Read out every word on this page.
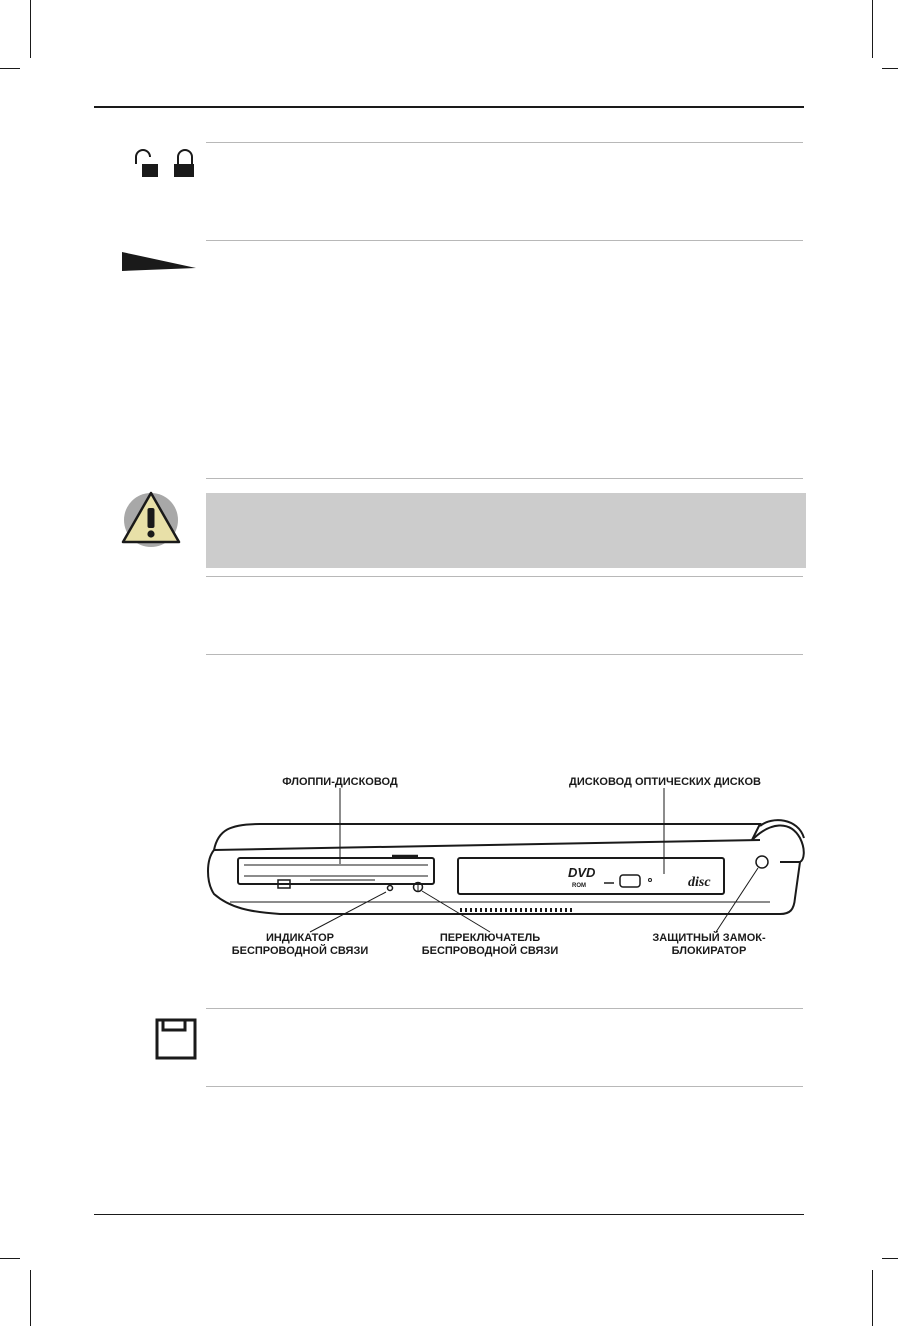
DVD
ROM	disc
ФЛОППИ-ДИСКОВОД	ДИСКОВОД ОПТИЧЕСКИХ ДИСКОВ
ИНДИКАТОР
БЕСПРОВОДНОЙ СВЯЗИ
ПЕРЕКЛЮЧАТЕЛЬ
БЕСПРОВОДНОЙ СВЯЗИ
ЗАЩИТНЫЙ ЗАМОК-
БЛОКИРАТОР
